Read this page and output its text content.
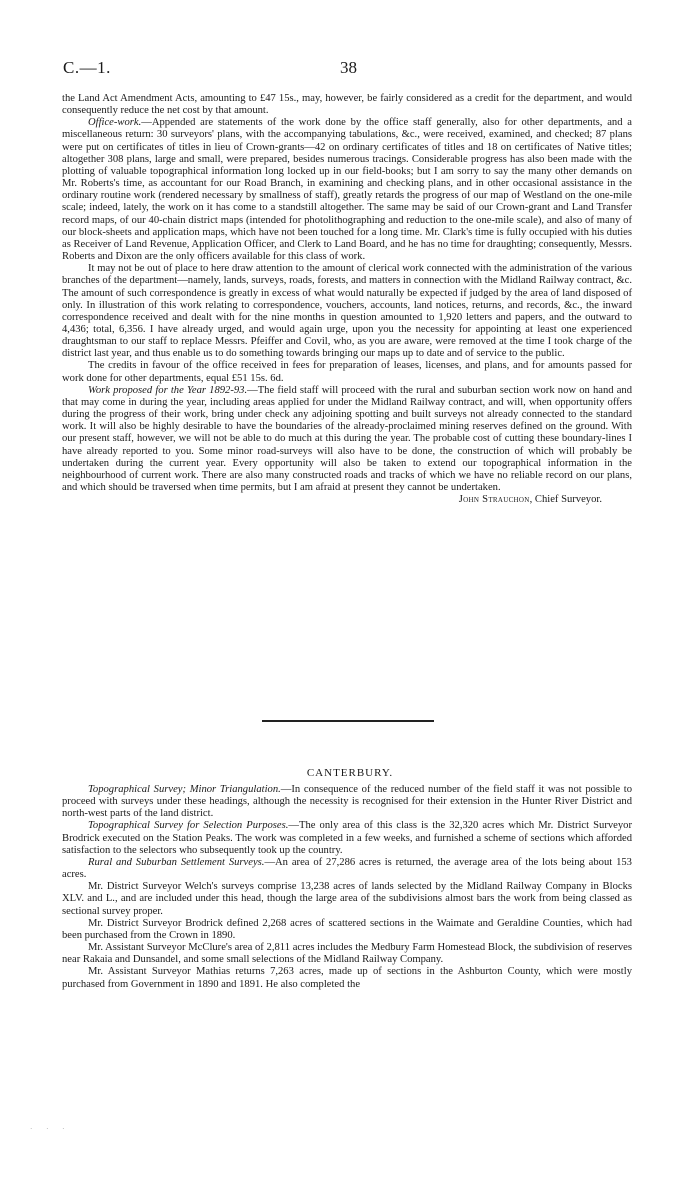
C.—1.	38

the Land Act Amendment Acts, amounting to £47 15s., may, however, be fairly considered as a credit for the department, and would consequently reduce the net cost by that amount.

Office-work.—Appended are statements of the work done by the office staff generally, also for other departments, and a miscellaneous return: 30 surveyors' plans, with the accompanying tabulations, &c., were received, examined, and checked; 87 plans were put on certificates of titles in lieu of Crown-grants—42 on ordinary certificates of titles and 18 on certificates of Native titles; altogether 308 plans, large and small, were prepared, besides numerous tracings. Considerable progress has also been made with the plotting of valuable topographical information long locked up in our field-books; but I am sorry to say the many other demands on Mr. Roberts's time, as accountant for our Road Branch, in examining and checking plans, and in other occasional assistance in the ordinary routine work (rendered necessary by smallness of staff), greatly retards the progress of our map of Westland on the one-mile scale; indeed, lately, the work on it has come to a standstill altogether. The same may be said of our Crown-grant and Land Transfer record maps, of our 40-chain district maps (intended for photolithographing and reduction to the one-mile scale), and also of many of our block-sheets and application maps, which have not been touched for a long time. Mr. Clark's time is fully occupied with his duties as Receiver of Land Revenue, Application Officer, and Clerk to Land Board, and he has no time for draughting; consequently, Messrs. Roberts and Dixon are the only officers available for this class of work.

It may not be out of place to here draw attention to the amount of clerical work connected with the administration of the various branches of the department—namely, lands, surveys, roads, forests, and matters in connection with the Midland Railway contract, &c. The amount of such correspondence is greatly in excess of what would naturally be expected if judged by the area of land disposed of only. In illustration of this work relating to correspondence, vouchers, accounts, land notices, returns, and records, &c., the inward correspondence received and dealt with for the nine months in question amounted to 1,920 letters and papers, and the outward to 4,436; total, 6,356. I have already urged, and would again urge, upon you the necessity for appointing at least one experienced draughtsman to our staff to replace Messrs. Pfeiffer and Covil, who, as you are aware, were removed at the time I took charge of the district last year, and thus enable us to do something towards bringing our maps up to date and of service to the public.

The credits in favour of the office received in fees for preparation of leases, licenses, and plans, and for amounts passed for work done for other departments, equal £51 15s. 6d.

Work proposed for the Year 1892-93.—The field staff will proceed with the rural and suburban section work now on hand and that may come in during the year, including areas applied for under the Midland Railway contract, and will, when opportunity offers during the progress of their work, bring under check any adjoining spotting and built surveys not already connected to the standard work. It will also be highly desirable to have the boundaries of the already-proclaimed mining reserves defined on the ground. With our present staff, however, we will not be able to do much at this during the year. The probable cost of cutting these boundary-lines I have already reported to you. Some minor road-surveys will also have to be done, the construction of which will probably be undertaken during the current year. Every opportunity will also be taken to extend our topographical information in the neighbourhood of current work. There are also many constructed roads and tracks of which we have no reliable record on our plans, and which should be traversed when time permits, but I am afraid at present they cannot be undertaken.

John Strauchon, Chief Surveyor.

CANTERBURY.

Topographical Survey; Minor Triangulation.—In consequence of the reduced number of the field staff it was not possible to proceed with surveys under these headings, although the necessity is recognised for their extension in the Hunter River District and north-west parts of the land district.

Topographical Survey for Selection Purposes.—The only area of this class is the 32,320 acres which Mr. District Surveyor Brodrick executed on the Station Peaks. The work was completed in a few weeks, and furnished a scheme of sections which afforded satisfaction to the selectors who subsequently took up the country.

Rural and Suburban Settlement Surveys.—An area of 27,286 acres is returned, the average area of the lots being about 153 acres.

Mr. District Surveyor Welch's surveys comprise 13,238 acres of lands selected by the Midland Railway Company in Blocks XLV. and L., and are included under this head, though the large area of the subdivisions almost bars the work from being classed as sectional survey proper.

Mr. District Surveyor Brodrick defined 2,268 acres of scattered sections in the Waimate and Geraldine Counties, which had been purchased from the Crown in 1890.

Mr. Assistant Surveyor McClure's area of 2,811 acres includes the Medbury Farm Homestead Block, the subdivision of reserves near Rakaia and Dunsandel, and some small selections of the Midland Railway Company.

Mr. Assistant Surveyor Mathias returns 7,263 acres, made up of sections in the Ashburton County, which were mostly purchased from Government in 1890 and 1891. He also completed the

· · ·
